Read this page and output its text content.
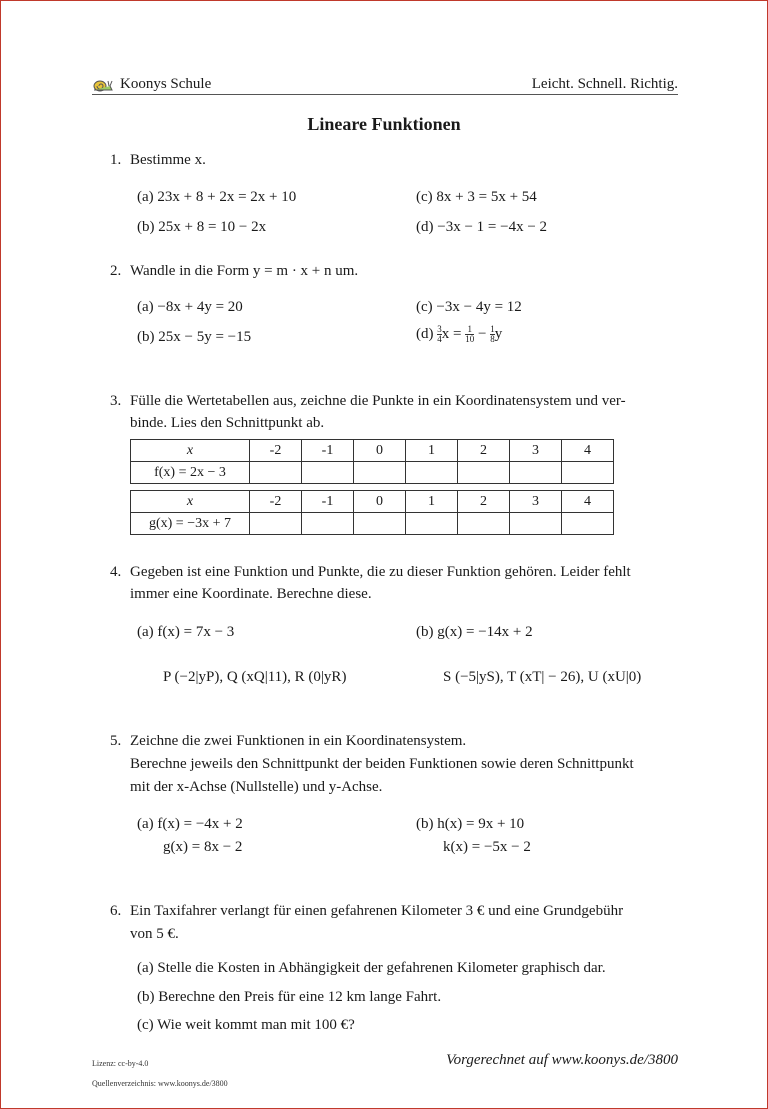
Koonys Schule	Leicht. Schnell. Richtig.
Lineare Funktionen
1. Bestimme x.
(a) 23x + 8 + 2x = 2x + 10
(b) 25x + 8 = 10 − 2x
(c) 8x + 3 = 5x + 54
(d) −3x − 1 = −4x − 2
2. Wandle in die Form y = m · x + n um.
(a) −8x + 4y = 20
(b) 25x − 5y = −15
(c) −3x − 4y = 12
$(d) \frac{3}{4}$ $x = \frac{1}{10} - \frac{1}{8}$ y
3. Fülle die Wertetabellen aus, zeichne die Punkte in ein Koordinatensystem und ver-
binde. Lies den Schnittpunkt ab.
x	-2	-1	0	1	2	3	4
f(x) = 2x − 3							
x	-2	-1	0	1	2	3	4
g(x) = −3x + 7							
4. Gegeben ist eine Funktion und Punkte, die zu dieser Funktion gehören. Leider fehlt
immer eine Koordinate. Berechne diese.
(a) f(x) = 7x − 3	(b) g(x) = −14x + 2
P (−2|yP), Q (xQ|11), R (0|yR)	S (−5|yS), T (xT| − 26), U (xU|0)
5. Zeichne die zwei Funktionen in ein Koordinatensystem.
Berechne jeweils den Schnittpunkt der beiden Funktionen sowie deren Schnittpunkt
mit der x-Achse (Nullstelle) und y-Achse.
(a) f(x) = −4x + 2
g(x) = 8x − 2
(b) h(x) = 9x + 10
k(x) = −5x − 2
6. Ein Taxifahrer verlangt für einen gefahrenen Kilometer 3 € und eine Grundgebühr
von 5 €.
(a) Stelle die Kosten in Abhängigkeit der gefahrenen Kilometer graphisch dar.
(b) Berechne den Preis für eine 12 km lange Fahrt.
(c) Wie weit kommt man mit 100 €?
Lizenz: cc-by-4.0
Quellenverzeichnis: www.koonys.de/3800
Vorgerechnet auf www.koonys.de/3800
